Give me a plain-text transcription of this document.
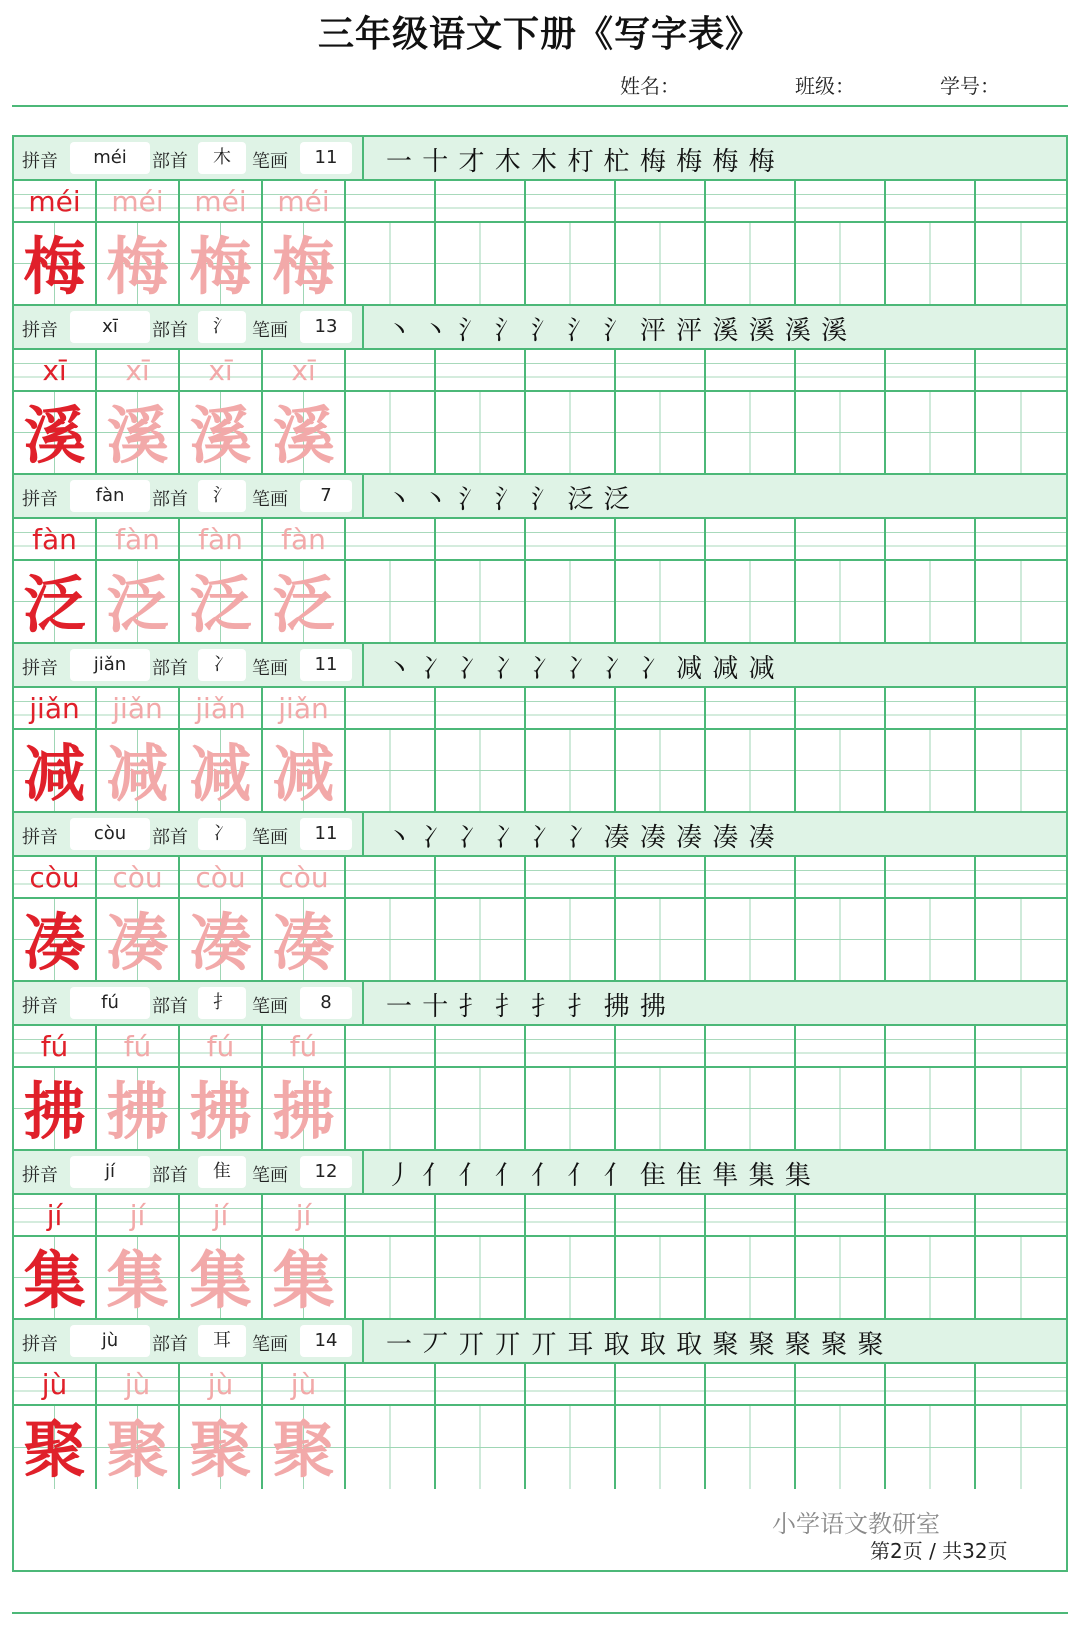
三年级语文下册《写字表》
姓名：	班级：	学号：
拼音	méi	部首	木	笔画	11	一 十 才 木 木 朾 杧 梅 梅 梅 梅
méi	méi	méi	méi
梅 梅 梅 梅
拼音	xī	部首	氵	笔画	13	丶 丶 氵 氵 氵 氵 氵 泙 泙 溪 溪 溪 溪
xī	xī	xī	xī
溪 溪 溪 溪
拼音	fàn	部首	氵	笔画	7	丶 丶 氵 氵 氵 泛 泛
fàn	fàn	fàn	fàn
泛 泛 泛 泛
拼音	jiǎn	部首	冫	笔画	11	丶 冫 冫 冫 冫 冫 冫 冫 减 减 减
jiǎn	jiǎn	jiǎn	jiǎn
减 减 减 减
拼音	còu	部首	冫	笔画	11	丶 冫 冫 冫 冫 冫 凑 凑 凑 凑 凑
còu	còu	còu	còu
凑 凑 凑 凑
拼音	fú	部首	扌	笔画	8	一 十 扌 扌 扌 扌 拂 拂
fú	fú	fú	fú
拂 拂 拂 拂
拼音	jí	部首	隹	笔画	12	丿 亻 亻 亻 亻 亻 亻 隹 隹 隼 集 集
jí	jí	jí	jí
集 集 集 集
拼音	jù	部首	耳	笔画	14	一 丆 丌 丌 丌 耳 取 取 取 聚 聚 聚 聚 聚
jù	jù	jù	jù
聚 聚 聚 聚
小学语文教研室
第2页 / 共32页
